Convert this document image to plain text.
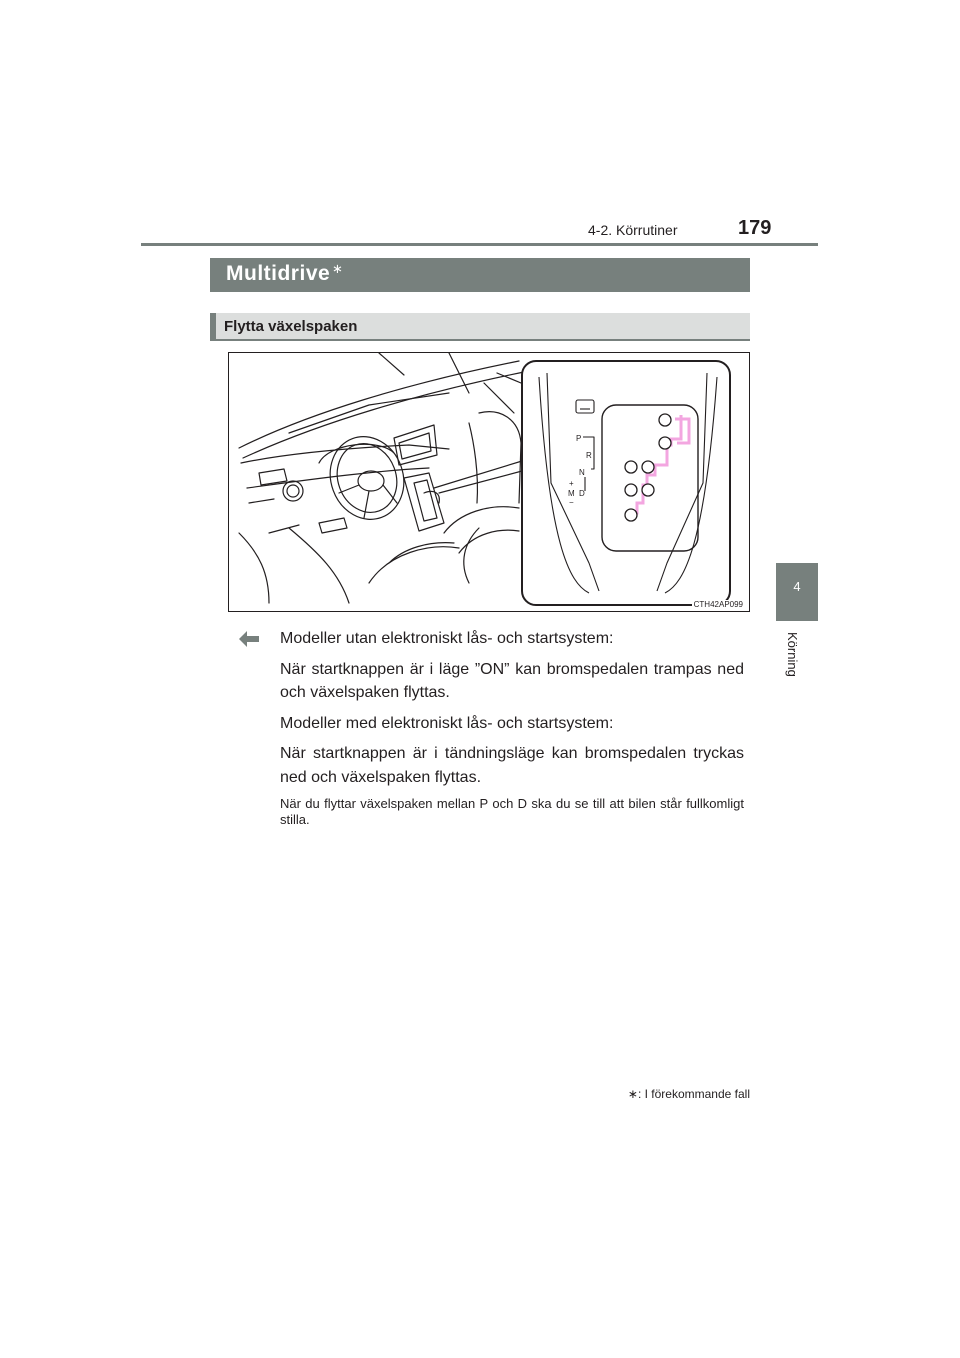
4-2. Körrutiner	179
4
Körning
Multidrive ∗
Flytta växelspaken
P
R
N
D
M
+
−
CTH42AP099

Modeller utan elektroniskt lås- och startsystem:

När startknappen är i läge ”ON” kan bromspedalen trampas ned och växelspaken flyttas.

Modeller med elektroniskt lås- och startsystem:

När startknappen är i tändningsläge kan bromspedalen tryckas ned och växelspaken flyttas.

När du flyttar växelspaken mellan P och D ska du se till att bilen står fullkomligt stilla.

∗: I förekommande fall
